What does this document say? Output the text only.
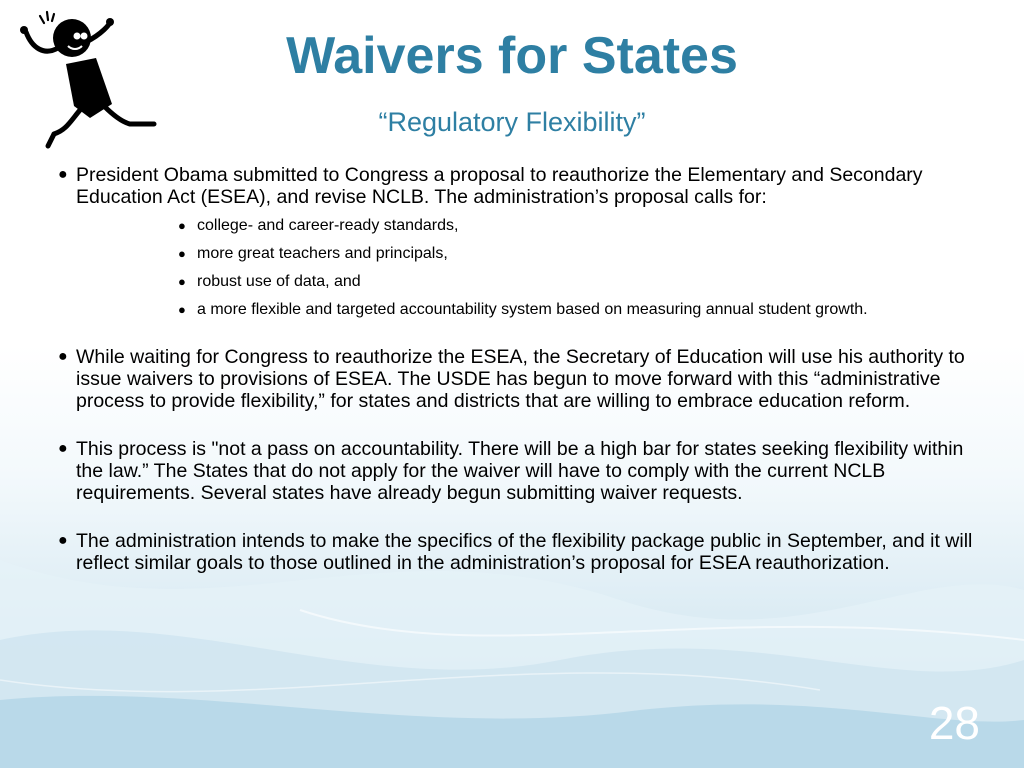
Waivers for States
“Regulatory Flexibility”
● President Obama submitted to Congress a proposal to reauthorize the Elementary and Secondary Education Act (ESEA), and revise NCLB. The administration’s proposal calls for:
● college- and career-ready standards,
● more great teachers and principals,
● robust use of data, and
● a more flexible and targeted accountability system based on measuring annual student growth.
● While waiting for Congress to reauthorize the ESEA, the Secretary of Education will use his authority to issue waivers to provisions of ESEA. The USDE has begun to move forward with this “administrative process to provide flexibility,” for states and districts that are willing to embrace education reform.
● This process is "not a pass on accountability. There will be a high bar for states seeking flexibility within the law.” The States that do not apply for the waiver will have to comply with the current NCLB requirements. Several states have already begun submitting waiver requests.
● The administration intends to make the specifics of the flexibility package public in September, and it will reflect similar goals to those outlined in the administration’s proposal for ESEA reauthorization.
28
